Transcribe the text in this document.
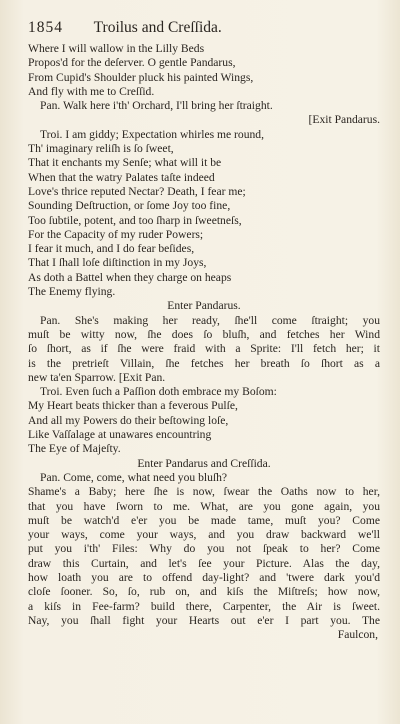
1854 Troilus and Creſſida.
Where I will wallow in the Lilly Beds
Propos'd for the deſerver. O gentle Pandarus,
From Cupid's Shoulder pluck his painted Wings,
And fly with me to Creſſid.
Pan. Walk here i'th' Orchard, I'll bring her ſtraight.
[Exit Pandarus.
Troi. I am giddy; Expectation whirles me round,
Th' imaginary reliſh is ſo ſweet,
That it enchants my Senſe; what will it be
When that the watry Palates taſte indeed
Love's thrice reputed Nectar? Death, I fear me;
Sounding Deſtruction, or ſome Joy too fine,
Too ſubtile, potent, and too ſharp in ſweetneſs,
For the Capacity of my ruder Powers;
I fear it much, and I do fear beſides,
That I ſhall loſe diſtinction in my Joys,
As doth a Battel when they charge on heaps
The Enemy flying.
Enter Pandarus.
Pan. She's making her ready, ſhe'll come ſtraight; you
muſt be witty now, ſhe does ſo bluſh, and fetches her Wind
ſo ſhort, as if ſhe were fraid with a Sprite: I'll fetch her; it
is the pretrieſt Villain, ſhe fetches her breath ſo ſhort as a
new ta'en Sparrow. [Exit Pan.
Troi. Even ſuch a Paſſion doth embrace my Boſom:
My Heart beats thicker than a feverous Pulſe,
And all my Powers do their beſtowing loſe,
Like Vaſſalage at unawares encountring
The Eye of Majeſty.
Enter Pandarus and Creſſida.
Pan. Come, come, what need you bluſh?
Shame's a Baby; here ſhe is now, ſwear the Oaths now to her,
that you have ſworn to me. What, are you gone again, you
muſt be watch'd e'er you be made tame, muſt you? Come
your ways, come your ways, and you draw backward we'll
put you i'th' Files: Why do you not ſpeak to her? Come
draw this Curtain, and let's ſee your Picture. Alas the day,
how loath you are to offend day-light? and 'twere dark you'd
cloſe ſooner. So, ſo, rub on, and kiſs the Miſtreſs; how now,
a kiſs in Fee-farm? build there, Carpenter, the Air is ſweet.
Nay, you ſhall fight your Hearts out e'er I part you. The
Faulcon,
